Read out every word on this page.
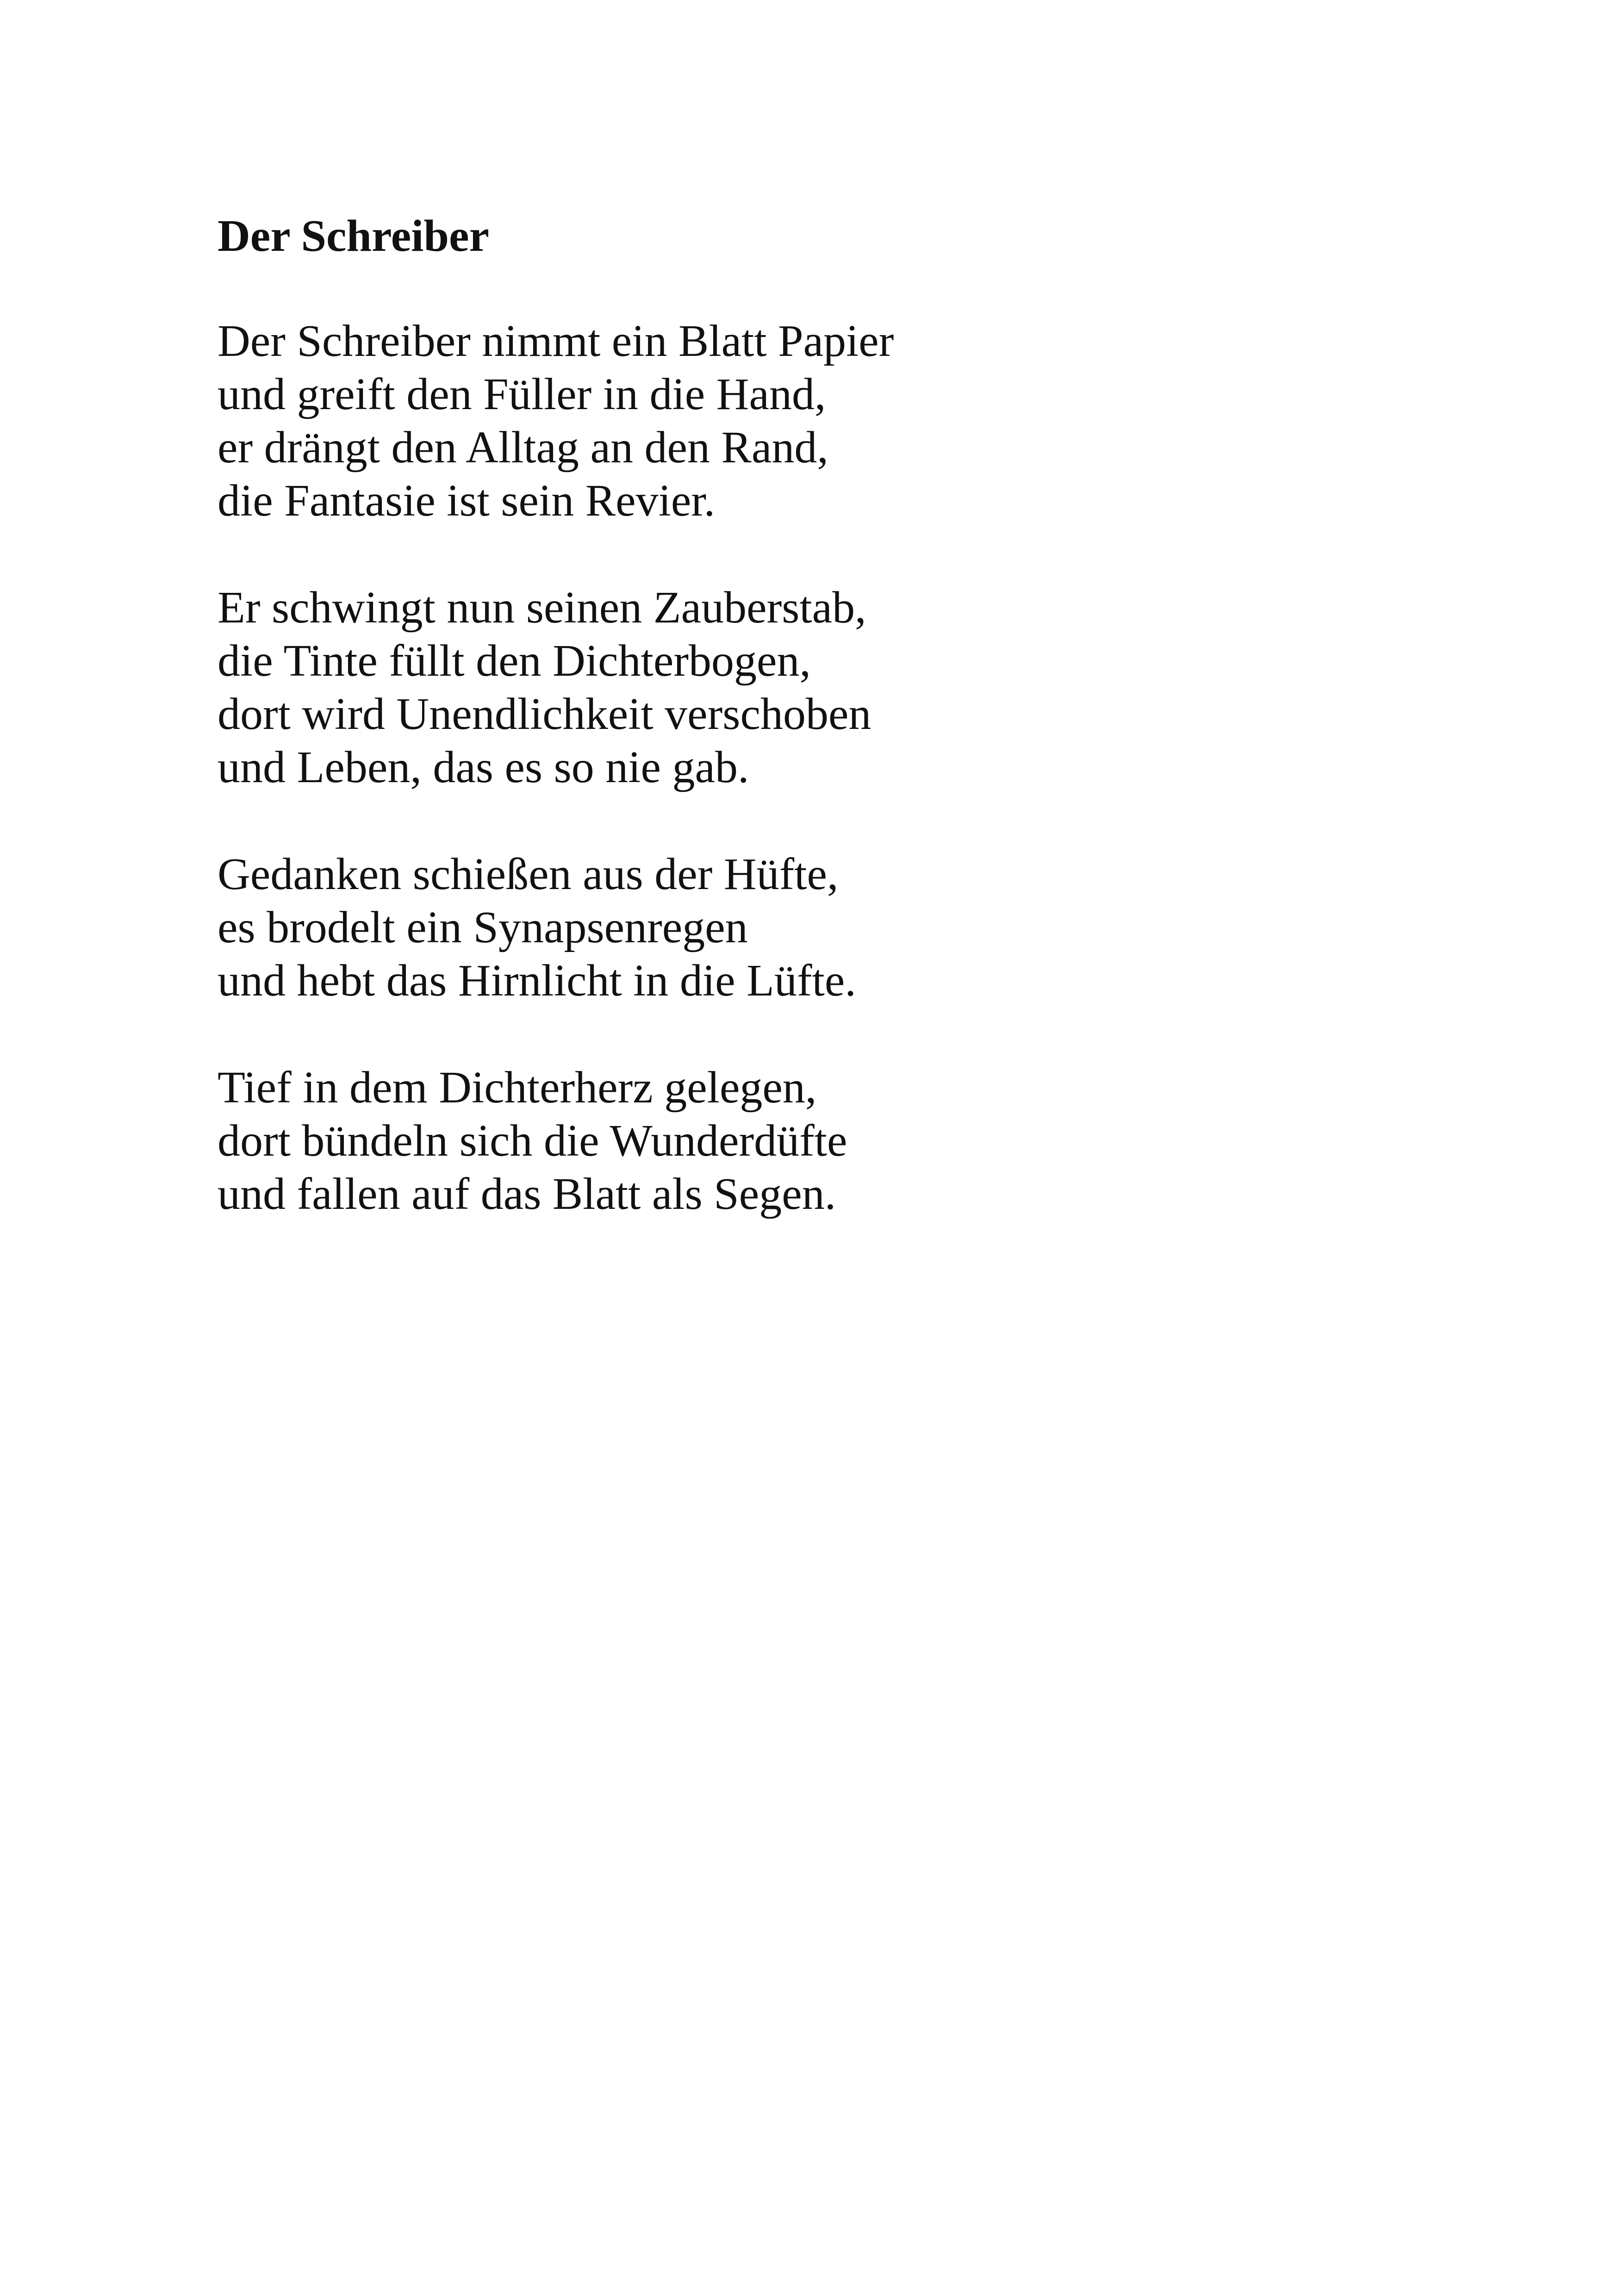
Der Schreiber
Der Schreiber nimmt ein Blatt Papier
und greift den Füller in die Hand,
er drängt den Alltag an den Rand,
die Fantasie ist sein Revier.
Er schwingt nun seinen Zauberstab,
die Tinte füllt den Dichterbogen,
dort wird Unendlichkeit verschoben
und Leben, das es so nie gab.
Gedanken schießen aus der Hüfte,
es brodelt ein Synapsenregen
und hebt das Hirnlicht in die Lüfte.
Tief in dem Dichterherz gelegen,
dort bündeln sich die Wunderdüfte
und fallen auf das Blatt als Segen.
